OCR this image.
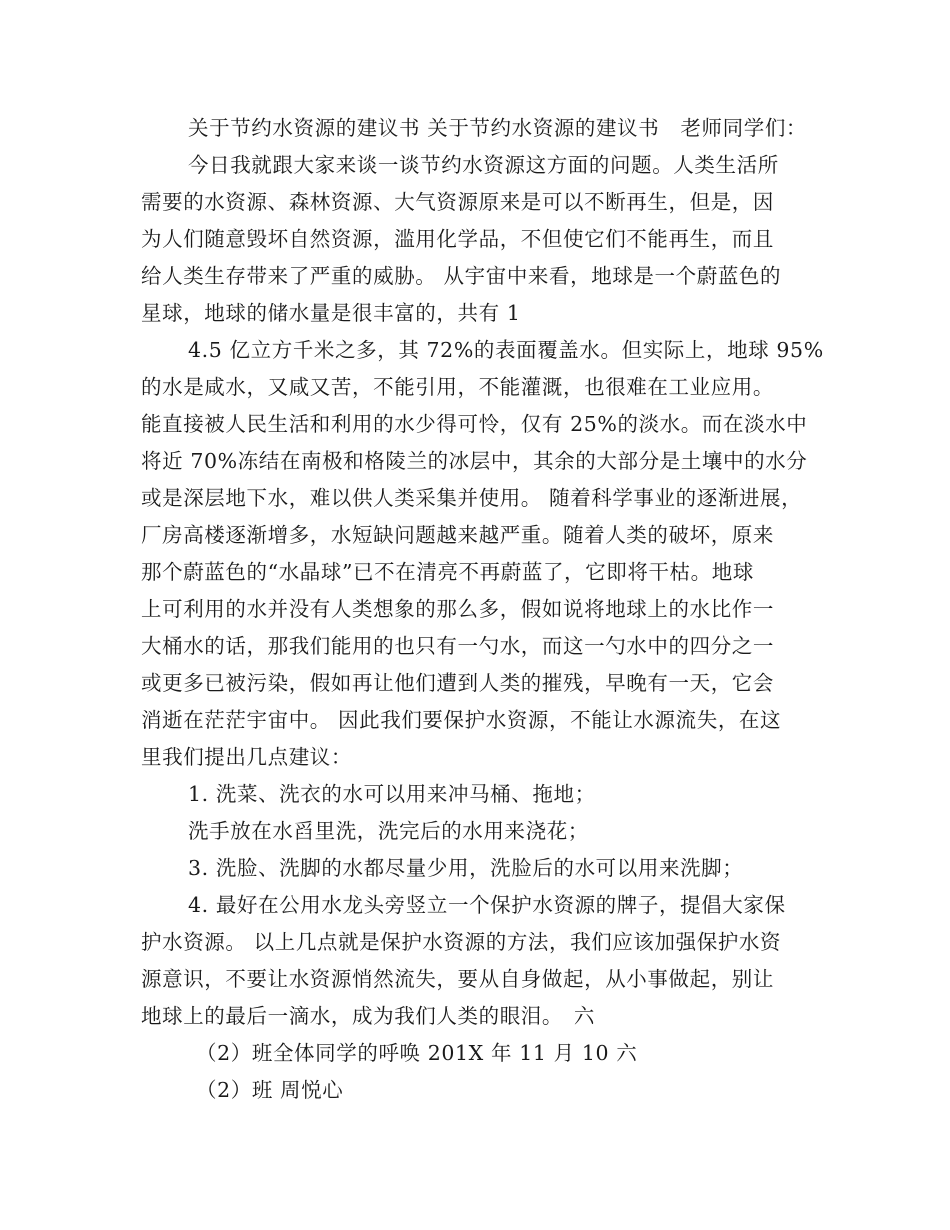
关于节约水资源的建议书 关于节约水资源的建议书　老师同学们：
今日我就跟大家来谈一谈节约水资源这方面的问题。人类生活所
需要的水资源、森林资源、大气资源原来是可以不断再生，但是，因
为人们随意毁坏自然资源，滥用化学品，不但使它们不能再生，而且
给人类生存带来了严重的威胁。 从宇宙中来看，地球是一个蔚蓝色的
星球，地球的储水量是很丰富的，共有 1
4.5 亿立方千米之多，其 72%的表面覆盖水。但实际上，地球 95%
的水是咸水，又咸又苦，不能引用，不能灌溉，也很难在工业应用。
能直接被人民生活和利用的水少得可怜，仅有 25%的淡水。而在淡水中
将近 70%冻结在南极和格陵兰的冰层中，其余的大部分是土壤中的水分
或是深层地下水，难以供人类采集并使用。 随着科学事业的逐渐进展，
厂房高楼逐渐增多，水短缺问题越来越严重。随着人类的破坏，原来
那个蔚蓝色的“水晶球”已不在清亮不再蔚蓝了，它即将干枯。地球
上可利用的水并没有人类想象的那么多，假如说将地球上的水比作一
大桶水的话，那我们能用的也只有一勺水，而这一勺水中的四分之一
或更多已被污染，假如再让他们遭到人类的摧残，早晚有一天，它会
消逝在茫茫宇宙中。 因此我们要保护水资源，不能让水源流失，在这
里我们提出几点建议：
1. 洗菜、洗衣的水可以用来冲马桶、拖地；
洗手放在水舀里洗，洗完后的水用来浇花；
3. 洗脸、洗脚的水都尽量少用，洗脸后的水可以用来洗脚；
4. 最好在公用水龙头旁竖立一个保护水资源的牌子，提倡大家保
护水资源。 以上几点就是保护水资源的方法，我们应该加强保护水资
源意识，不要让水资源悄然流失，要从自身做起，从小事做起，别让
地球上的最后一滴水，成为我们人类的眼泪。　六
（2）班全体同学的呼唤 201X 年 11 月 10 六
（2）班 周悦心
